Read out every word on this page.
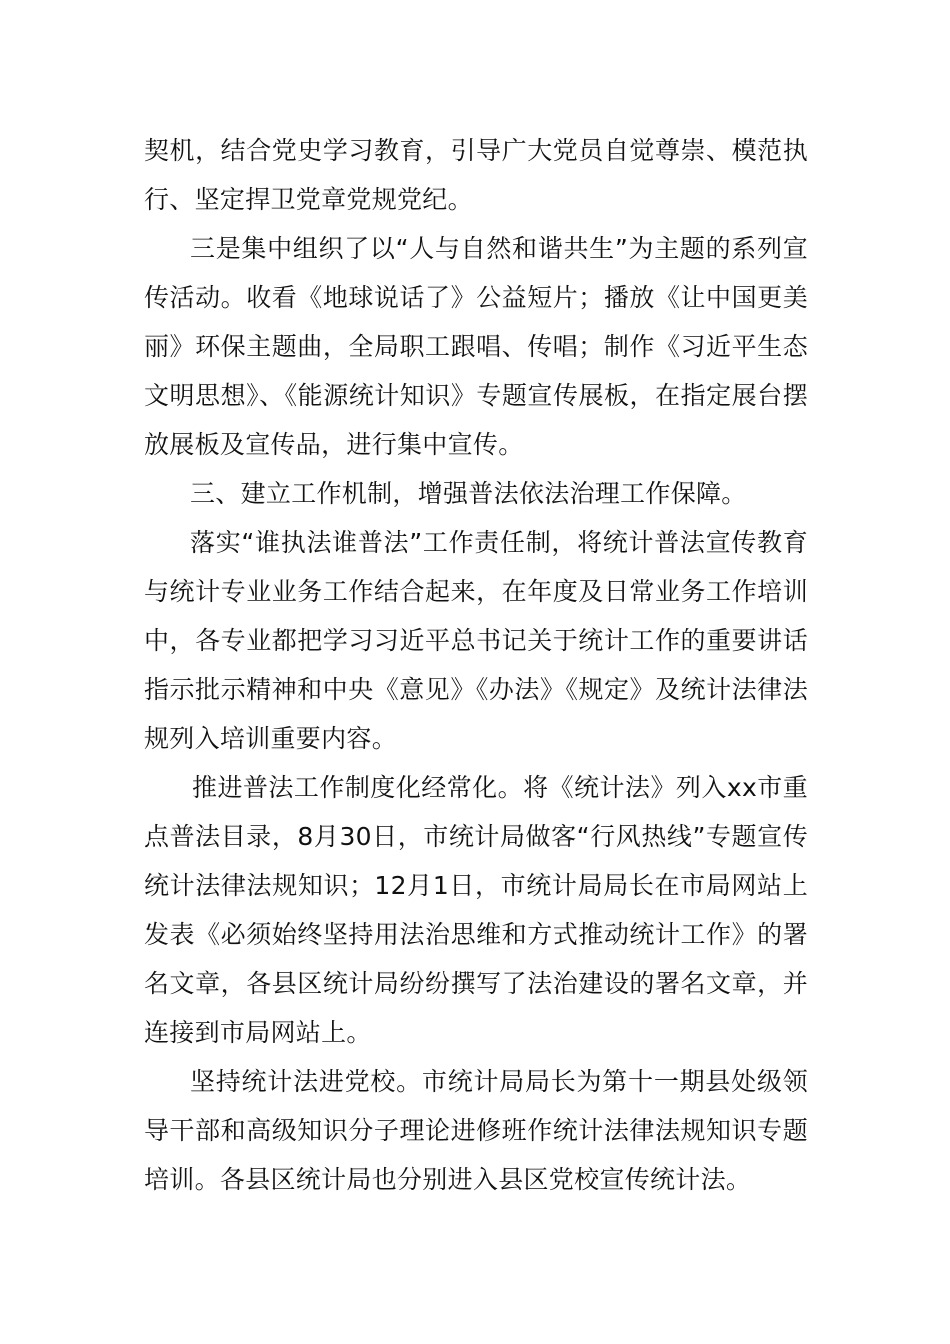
契机，结合党史学习教育，引导广大党员自觉尊崇、模范执行、坚定捍卫党章党规党纪。

三是集中组织了以“人与自然和谐共生”为主题的系列宣传活动。收看《地球说话了》公益短片；播放《让中国更美丽》环保主题曲，全局职工跟唱、传唱；制作《习近平生态文明思想》、《能源统计知识》专题宣传展板，在指定展台摆放展板及宣传品，进行集中宣传。

三、建立工作机制，增强普法依法治理工作保障。

落实“谁执法谁普法”工作责任制，将统计普法宣传教育与统计专业业务工作结合起来，在年度及日常业务工作培训中，各专业都把学习习近平总书记关于统计工作的重要讲话指示批示精神和中央《意见》《办法》《规定》及统计法律法规列入培训重要内容。

推进普法工作制度化经常化。将《统计法》列入xx市重点普法目录，8月30日，市统计局做客“行风热线”专题宣传统计法律法规知识；12月1日，市统计局局长在市局网站上发表《必须始终坚持用法治思维和方式推动统计工作》的署名文章，各县区统计局纷纷撰写了法治建设的署名文章，并连接到市局网站上。

坚持统计法进党校。市统计局局长为第十一期县处级领导干部和高级知识分子理论进修班作统计法律法规知识专题培训。各县区统计局也分别进入县区党校宣传统计法。
